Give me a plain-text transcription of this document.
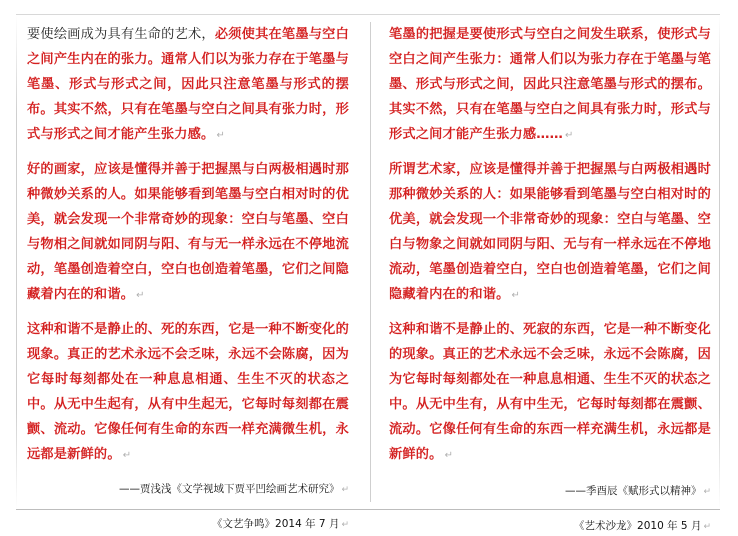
要使绘画成为具有生命的艺术，必须使其在笔墨与空白之间产生内在的张力。通常人们以为张力存在于笔墨与笔墨、形式与形式之间，因此只注意笔墨与形式的摆布。其实不然，只有在笔墨与空白之间具有张力时，形式与形式之间才能产生张力感。 ↵

好的画家，应该是懂得并善于把握黑与白两极相遇时那种微妙关系的人。如果能够看到笔墨与空白相对时的优美，就会发现一个非常奇妙的现象：空白与笔墨、空白与物相之间就如同阴与阳、有与无一样永远在不停地流动，笔墨创造着空白，空白也创造着笔墨，它们之间隐藏着内在的和谐。 ↵

这种和谐不是静止的、死的东西，它是一种不断变化的现象。真正的艺术永远不会乏味，永远不会陈腐，因为它每时每刻都处在一种息息相通、生生不灭的状态之中。从无中生起有，从有中生起无，它每时每刻都在震颤、流动。它像任何有生命的东西一样充满微生机，永远都是新鲜的。 ↵

——贾浅浅《文学视域下贾平凹绘画艺术研究》 ↵
《文艺争鸣》2014 年 7 月 ↵

笔墨的把握是要使形式与空白之间发生联系，使形式与空白之间产生张力：通常人们以为张力存在于笔墨与笔墨、形式与形式之间，因此只注意笔墨与形式的摆布。其实不然，只有在笔墨与空白之间具有张力时，形式与形式之间才能产生张力感…… ↵

所谓艺术家，应该是懂得并善于把握黑与白两极相遇时那种微妙关系的人：如果能够看到笔墨与空白相对时的优美，就会发现一个非常奇妙的现象：空白与笔墨、空白与物象之间就如同阴与阳、无与有一样永远在不停地流动，笔墨创造着空白，空白也创造着笔墨，它们之间隐藏着内在的和谐。 ↵

这种和谐不是静止的、死寂的东西，它是一种不断变化的现象。真正的艺术永远不会乏味，永远不会陈腐，因为它每时每刻都处在一种息息相通、生生不灭的状态之中。从无中生有，从有中生无，它每时每刻都在震颤、流动。它像任何有生命的东西一样充满生机，永远都是新鲜的。 ↵

——季酉辰《赋形式以精神》 ↵
《艺术沙龙》2010 年 5 月 ↵
